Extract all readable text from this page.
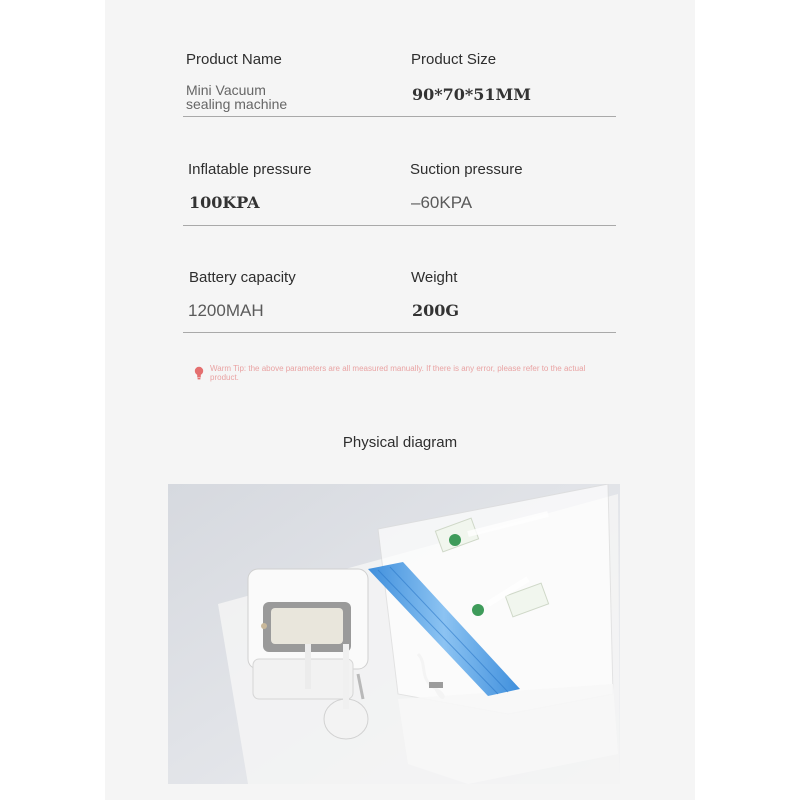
Product Name
Mini Vacuum
sealing machine
Product Size
90*70*51MM
Inflatable pressure
100KPA
Suction pressure
–60KPA
Battery capacity
1200MAH
Weight
200G
Warm Tip: the above parameters are all measured manually. If there is any error, please refer to the actual product.
Physical diagram
